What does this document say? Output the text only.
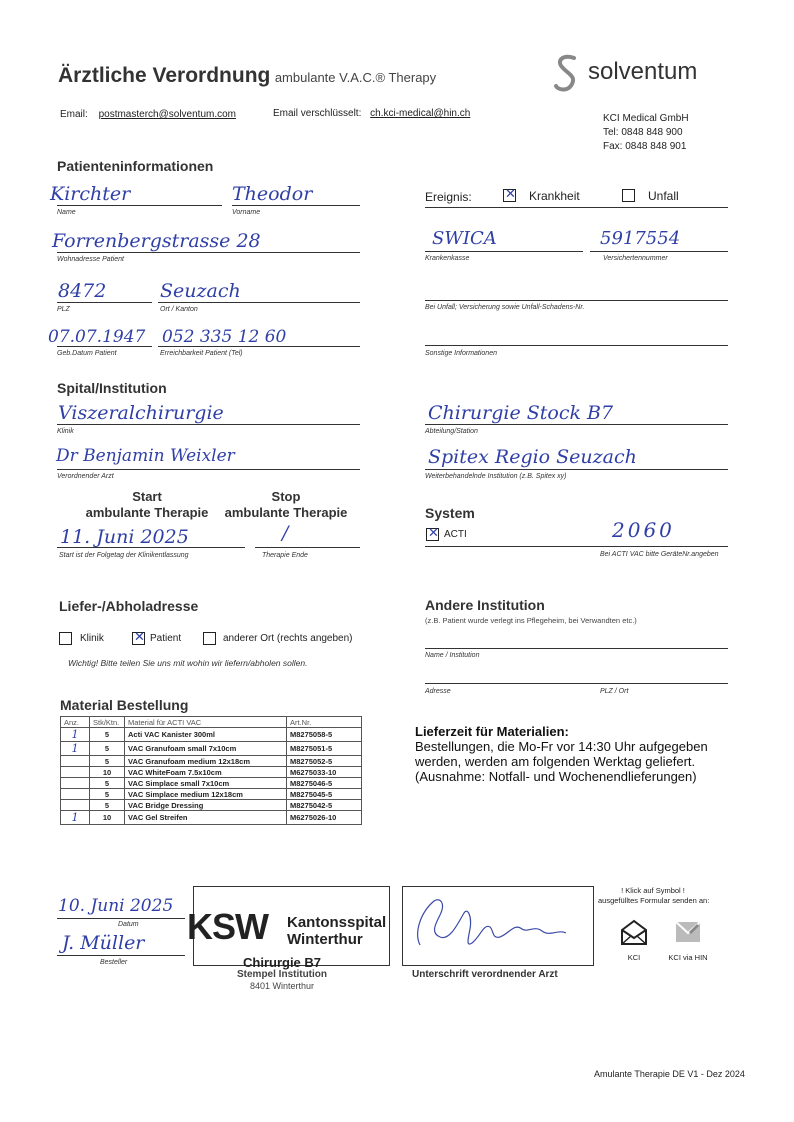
Ärztliche Verordnung ambulante V.A.C.® Therapy	solventum
Email: postmasterch@solventum.com	Email verschlüsselt: ch.kci-medical@hin.ch	KCI Medical GmbH
Tel: 0848 848 900
Fax: 0848 848 901
Patienteninformationen
Kirchter
Name
Theodor
Vorname
Forrenbergstrasse 28
Wohnadresse Patient
8472
PLZ
Seuzach
Ort / Kanton
07.07.1947
Geb.Datum Patient
052 335 12 60
Erreichbarkeit Patient (Tel)
Ereignis:	✕ Krankheit	Unfall
SWICA
Krankenkasse
5917554
Versichertennummer
Bei Unfall; Versicherung sowie Unfall-Schadens-Nr.
Sonstige Informationen
Spital/Institution
Viszeralchirurgie
Klinik
Chirurgie Stock B7
Abteilung/Station
Dr Benjamin Weixler
Verordnender Arzt
Spitex Regio Seuzach
Weiterbehandelnde Institution (z.B. Spitex xy)
Start
ambulante Therapie
Stop
ambulante Therapie
11. Juni 2025	/
Start ist der Folgetag der Klinikentlassung	Therapie Ende
System
✕ ACTI	2060
Bei ACTI VAC bitte GeräteNr.angeben
Liefer-/Abholadresse
Klinik ✕ Patient	anderer Ort (rechts angeben)
Wichtig! Bitte teilen Sie uns mit wohin wir liefern/abholen sollen.
Andere Institution
(z.B. Patient wurde verlegt ins Pflegeheim, bei Verwandten etc.)
Name / Institution
Adresse	PLZ / Ort
Material Bestellung
Anz.	Stk/Ktn.	Material für ACTI VAC	Art.Nr.
1	5	Acti VAC Kanister 300ml	M8275058-5
1	5	VAC Granufoam small 7x10cm	M8275051-5
	5	VAC Granufoam medium 12x18cm	M8275052-5
	10	VAC WhiteFoam 7.5x10cm	M6275033-10
	5	VAC Simplace small 7x10cm	M8275046-5
	5	VAC Simplace medium 12x18cm	M8275045-5
	5	VAC Bridge Dressing	M8275042-5
1	10	VAC Gel Streifen	M6275026-10
Lieferzeit für Materialien:
Bestellungen, die Mo-Fr vor 14:30 Uhr aufgegeben
werden, werden am folgenden Werktag geliefert.
(Ausnahme: Notfall- und Wochenendlieferungen)
10. Juni 2025
Datum
J. Müller
Besteller
KSW Kantonsspital
Winterthur
Chirurgie B7
Stempel Institution
8401 Winterthur
Unterschrift verordnender Arzt
! Klick auf Symbol !
ausgefülltes Formular senden an:
KCI	KCI via HIN
Amulante Therapie DE V1 - Dez 2024
